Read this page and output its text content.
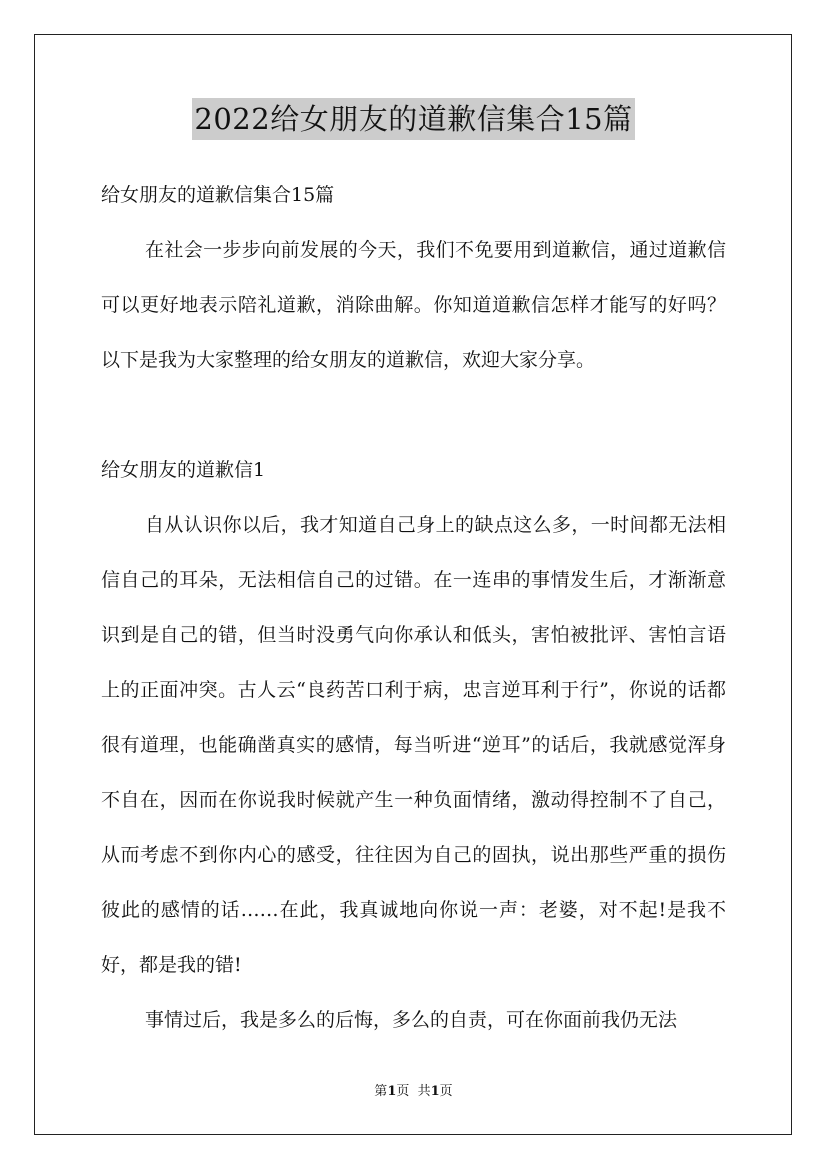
2022给女朋友的道歉信集合15篇

给女朋友的道歉信集合15篇

在社会一步步向前发展的今天，我们不免要用到道歉信，通过道歉信可以更好地表示陪礼道歉，消除曲解。你知道道歉信怎样才能写的好吗？以下是我为大家整理的给女朋友的道歉信，欢迎大家分享。

给女朋友的道歉信1

自从认识你以后，我才知道自己身上的缺点这么多，一时间都无法相信自己的耳朵，无法相信自己的过错。在一连串的事情发生后，才渐渐意识到是自己的错，但当时没勇气向你承认和低头，害怕被批评、害怕言语上的正面冲突。古人云“良药苦口利于病，忠言逆耳利于行”，你说的话都很有道理，也能确凿真实的感情，每当听进“逆耳”的话后，我就感觉浑身不自在，因而在你说我时候就产生一种负面情绪，激动得控制不了自己，从而考虑不到你内心的感受，往往因为自己的固执，说出那些严重的损伤彼此的感情的话……在此，我真诚地向你说一声：老婆，对不起!是我不好，都是我的错!

事情过后，我是多么的后悔，多么的自责，可在你面前我仍无法

第1页  共1页
